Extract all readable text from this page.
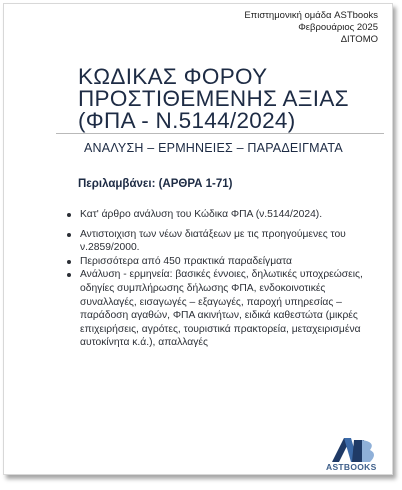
Επιστημονική ομάδα ASTbooks
Φεβρουάριος 2025
ΔΙΤΟΜΟ
ΚΩΔΙΚΑΣ ΦΟΡΟΥ
ΠΡΟΣΤΙΘΕΜΕΝΗΣ ΑΞΙΑΣ
(ΦΠΑ - Ν.5144/2024)
ΑΝΑΛΥΣΗ – ΕΡΜΗΝΕΙΕΣ – ΠΑΡΑΔΕΙΓΜΑΤΑ
Περιλαμβάνει: (ΑΡΘΡΑ 1-71)
Κατ' άρθρο ανάλυση του Κώδικα ΦΠΑ (ν.5144/2024).
Αντιστοιχιση των νέων διατάξεων με τις προηγούμενες του ν.2859/2000.
Περισσότερα από 450 πρακτικά παραδείγματα
Ανάλυση - ερμηνεία: βασικές έννοιες, δηλωτικές υποχρεώσεις, οδηγίες συμπλήρωσης δήλωσης ΦΠΑ, ενδοκοινοτικές συναλλαγές, εισαγωγές – εξαγωγές, παροχή υπηρεσίας – παράδοση αγαθών, ΦΠΑ ακινήτων, ειδικά καθεστώτα (μικρές επιχειρήσεις, αγρότες, τουριστικά πρακτορεία, μεταχειρισμένα αυτοκίνητα κ.ά.), απαλλαγές
ASTBOOKS
